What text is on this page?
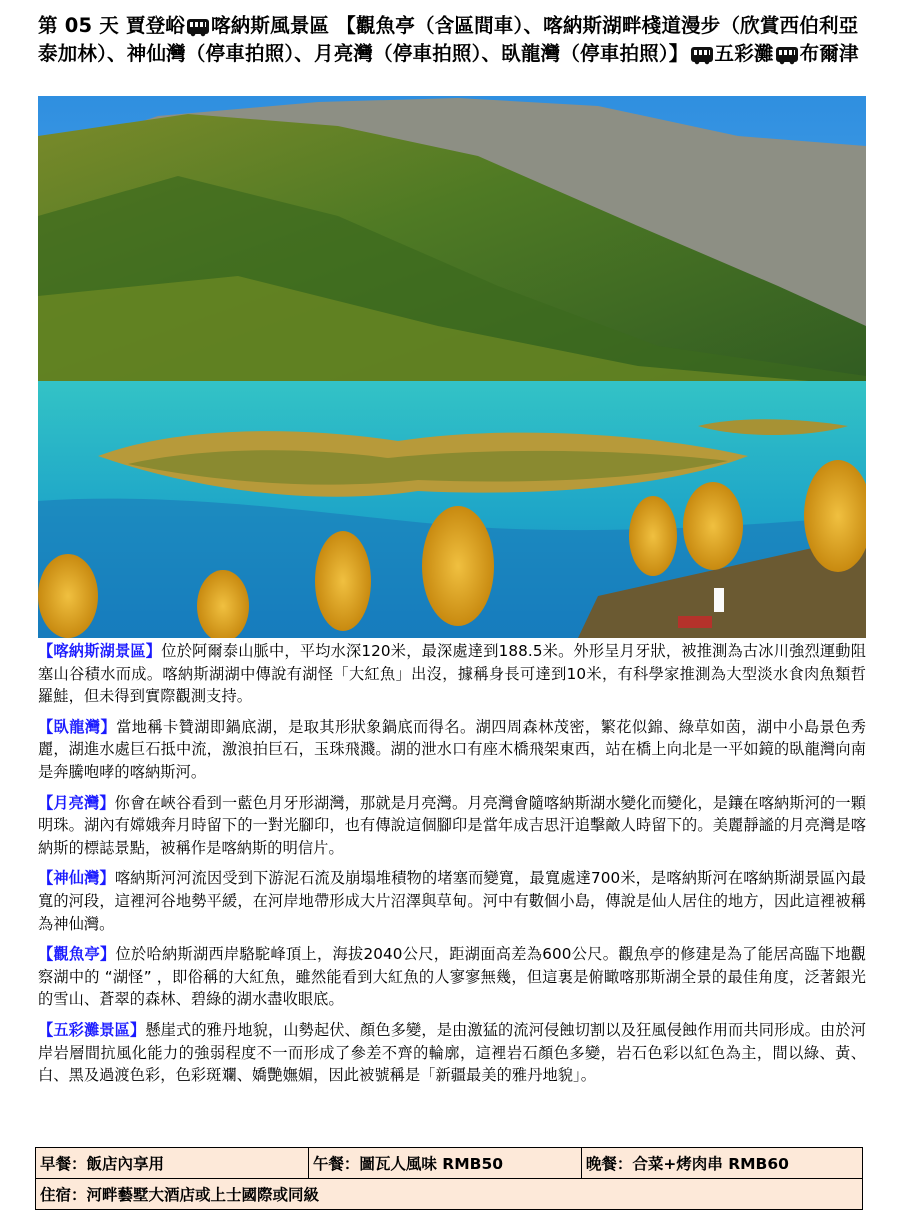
第 05 天 賈登峪 喀納斯風景區 【觀魚亭（含區間車）、喀納斯湖畔棧道漫步（欣賞西伯利亞泰加林）、神仙灣（停車拍照）、月亮灣（停車拍照）、臥龍灣（停車拍照）】 五彩灘 布爾津

【喀納斯湖景區】位於阿爾泰山脈中，平均水深120米，最深處達到188.5米。外形呈月牙狀，被推測為古冰川強烈運動阻塞山谷積水而成。喀納斯湖湖中傳說有湖怪「大紅魚」出沒，據稱身長可達到10米，有科學家推測為大型淡水食肉魚類哲羅鮭，但未得到實際觀測支持。

【臥龍灣】當地稱卡贊湖即鍋底湖，是取其形狀象鍋底而得名。湖四周森林茂密，繁花似錦、綠草如茵，湖中小島景色秀麗，湖進水處巨石抵中流，激浪拍巨石，玉珠飛濺。湖的泄水口有座木橋飛架東西，站在橋上向北是一平如鏡的臥龍灣向南是奔騰咆哮的喀納斯河。

【月亮灣】你會在峽谷看到一藍色月牙形湖灣，那就是月亮灣。月亮灣會隨喀納斯湖水變化而變化，是鑲在喀納斯河的一顆明珠。湖內有嫦娥奔月時留下的一對光腳印，也有傳說這個腳印是當年成吉思汗追擊敵人時留下的。美麗靜謐的月亮灣是喀納斯的標誌景點，被稱作是喀納斯的明信片。

【神仙灣】喀納斯河河流因受到下游泥石流及崩塌堆積物的堵塞而變寬，最寬處達700米，是喀納斯河在喀納斯湖景區內最寬的河段，這裡河谷地勢平緩，在河岸地帶形成大片沼澤與草甸。河中有數個小島，傳說是仙人居住的地方，因此這裡被稱為神仙灣。

【觀魚亭】位於哈納斯湖西岸駱駝峰頂上，海拔2040公尺，距湖面高差為600公尺。觀魚亭的修建是為了能居高臨下地觀察湖中的 “湖怪” ，即俗稱的大紅魚，雖然能看到大紅魚的人寥寥無幾，但這裏是俯瞰喀那斯湖全景的最佳角度，泛著銀光的雪山、蒼翠的森林、碧綠的湖水盡收眼底。

【五彩灘景區】懸崖式的雅丹地貌，山勢起伏、顏色多變，是由激猛的流河侵蝕切割以及狂風侵蝕作用而共同形成。由於河岸岩層間抗風化能力的強弱程度不一而形成了參差不齊的輪廓，這裡岩石顏色多變，岩石色彩以紅色為主，間以綠、黃、白、黑及過渡色彩，色彩斑斕、嬌艷嫵媚，因此被號稱是「新疆最美的雅丹地貌」。

早餐：飯店內享用	午餐：圖瓦人風味 RMB50	晚餐：合菜+烤肉串 RMB60
住宿：河畔藝墅大酒店或上士國際或同級
